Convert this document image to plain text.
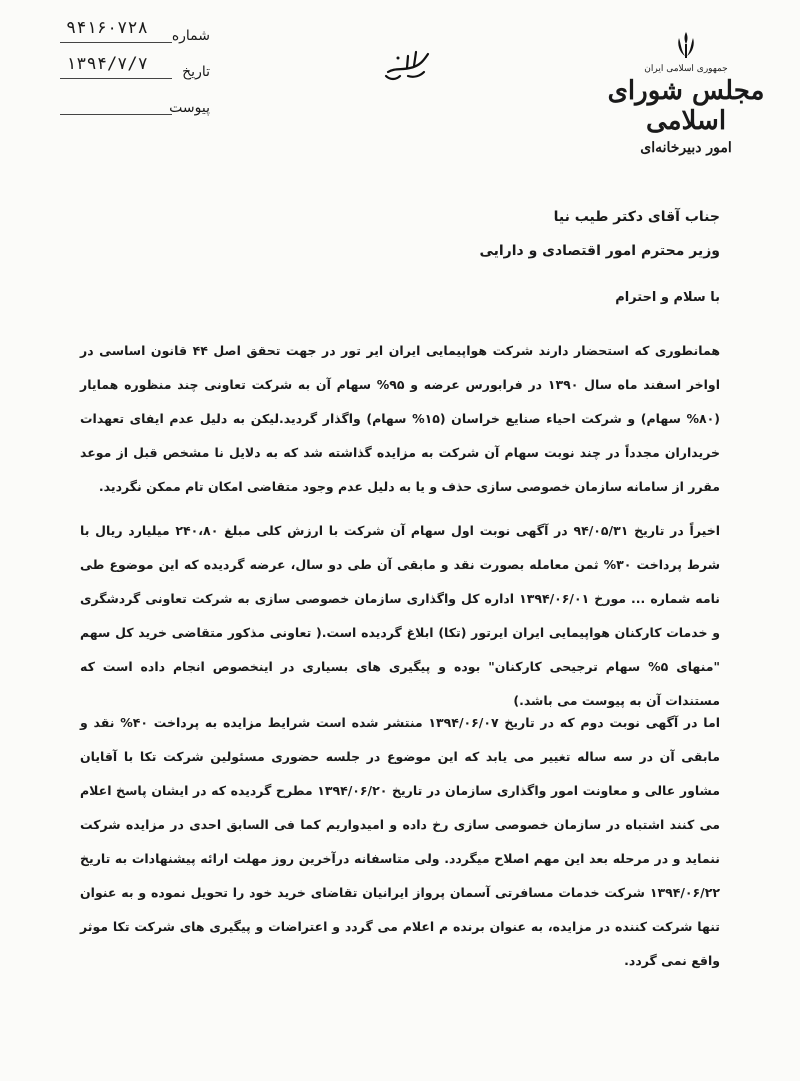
شماره
۹۴۱۶۰۷۲۸
تاریخ
۱۳۹۴/۷/۷
پیوست
جمهوری اسلامی ایران
مجلس شورای اسلامی
امور دبیرخانه‌ای
جناب آقای دکتر طیب نیا
وزیر محترم امور اقتصادی و دارایی
با سلام و احترام
همانطوری که استحضار دارند شرکت هواپیمایی ایران ایر تور در جهت تحقق اصل ۴۴ قانون اساسی در اواخر اسفند ماه سال ۱۳۹۰ در فرابورس عرضه و ۹۵% سهام آن به شرکت تعاونی چند منظوره همایار (۸۰% سهام) و شرکت احیاء صنایع خراسان (۱۵% سهام) واگذار گردید.لیکن به دلیل عدم ایفای تعهدات خریداران مجدداً در چند نوبت سهام آن شرکت به مزایده گذاشته شد که به دلایل نا مشخص قبل از موعد مقرر از سامانه سازمان خصوصی سازی حذف و یا به دلیل عدم وجود متقاضی امکان تام ممکن نگردید.
اخیراً در تاریخ ۹۴/۰۵/۳۱ در آگهی نوبت اول سهام آن شرکت با ارزش کلی مبلغ ۲۴۰،۸۰ میلیارد ریال با شرط پرداخت ۳۰% ثمن معامله بصورت نقد و مابقی آن طی دو سال، عرضه گردیده که این موضوع طی نامه شماره ... مورخ ۱۳۹۴/۰۶/۰۱ اداره کل واگذاری سازمان خصوصی سازی به شرکت تعاونی گردشگری و خدمات کارکنان هواپیمایی ایران ایرتور (تکا) ابلاغ گردیده است.( تعاونی مذکور متقاضی خرید کل سهم "منهای ۵% سهام ترجیحی کارکنان" بوده و پیگیری های بسیاری در اینخصوص انجام داده است که مستندات آن به پیوست می باشد.)
اما در آگهی نوبت دوم که در تاریخ ۱۳۹۴/۰۶/۰۷ منتشر شده است شرایط مزایده به پرداخت ۴۰% نقد و مابقی آن در سه ساله تغییر می یابد که این موضوع در جلسه حضوری مسئولین شرکت تکا با آقایان مشاور عالی و معاونت امور واگذاری سازمان در تاریخ ۱۳۹۴/۰۶/۲۰ مطرح گردیده که در ایشان پاسخ اعلام می کنند اشتباه در سازمان خصوصی سازی رخ داده و امیدواریم کما فی السابق احدی در مزایده شرکت ننماید و در مرحله بعد این مهم اصلاح میگردد. ولی متاسفانه درآخرین روز مهلت ارائه پیشنهادات به تاریخ ۱۳۹۴/۰۶/۲۲ شرکت خدمات مسافرتی آسمان پرواز ایرانیان تقاضای خرید خود را تحویل نموده و به عنوان تنها شرکت کننده در مزایده، به عنوان برنده م اعلام می گردد و اعتراضات و پیگیری های شرکت تکا موثر واقع نمی گردد.
